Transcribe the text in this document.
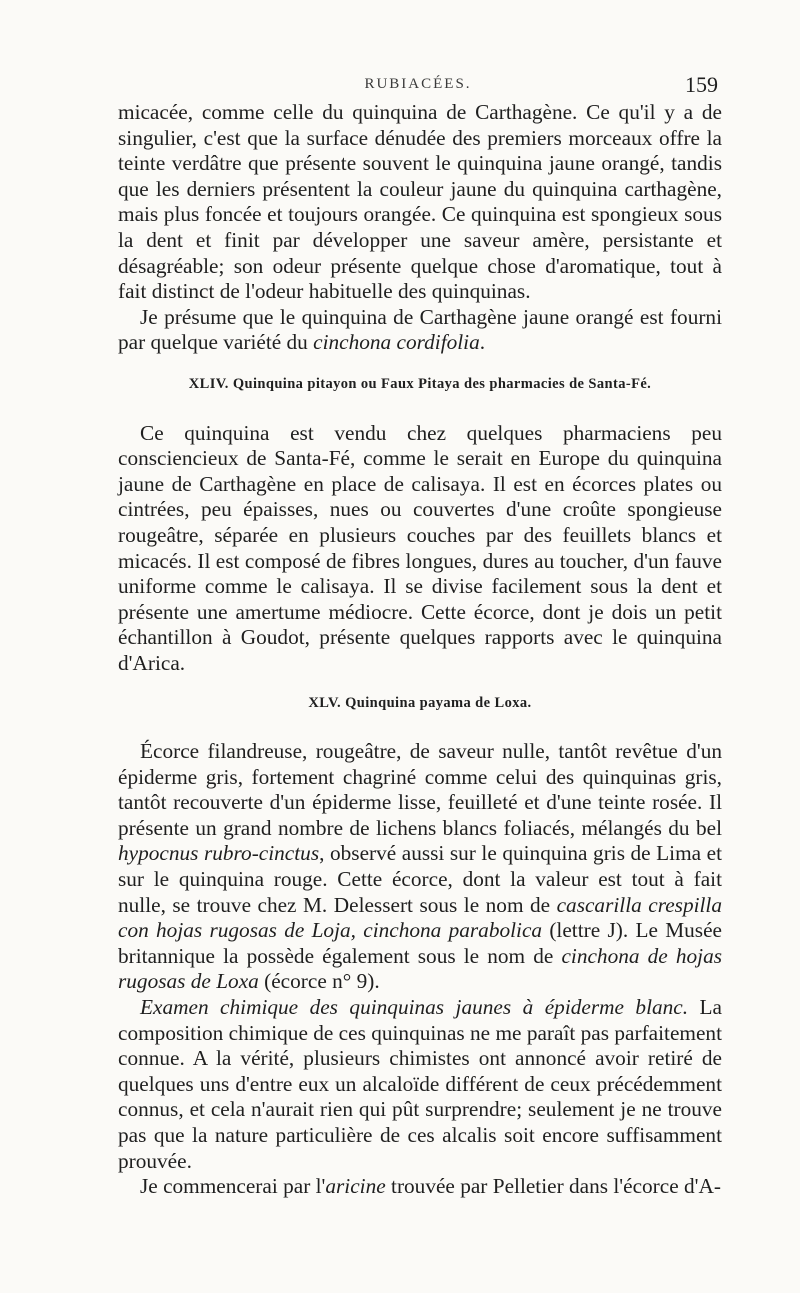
RUBIACÉES.	159

micacée, comme celle du quinquina de Carthagène. Ce qu'il y a de singulier, c'est que la surface dénudée des premiers morceaux offre la teinte verdâtre que présente souvent le quinquina jaune orangé, tandis que les derniers présentent la couleur jaune du quinquina carthagène, mais plus foncée et toujours orangée. Ce quinquina est spongieux sous la dent et finit par développer une saveur amère, persistante et désagréable; son odeur présente quelque chose d'aromatique, tout à fait distinct de l'odeur habituelle des quinquinas.

Je présume que le quinquina de Carthagène jaune orangé est fourni par quelque variété du cinchona cordifolia.

XLIV. Quinquina pitayon ou Faux Pitaya des pharmacies de Santa-Fé.

Ce quinquina est vendu chez quelques pharmaciens peu consciencieux de Santa-Fé, comme le serait en Europe du quinquina jaune de Carthagène en place de calisaya. Il est en écorces plates ou cintrées, peu épaisses, nues ou couvertes d'une croûte spongieuse rougeâtre, séparée en plusieurs couches par des feuillets blancs et micacés. Il est composé de fibres longues, dures au toucher, d'un fauve uniforme comme le calisaya. Il se divise facilement sous la dent et présente une amertume médiocre. Cette écorce, dont je dois un petit échantillon à Goudot, présente quelques rapports avec le quinquina d'Arica.

XLV. Quinquina payama de Loxa.

Écorce filandreuse, rougeâtre, de saveur nulle, tantôt revêtue d'un épiderme gris, fortement chagriné comme celui des quinquinas gris, tantôt recouverte d'un épiderme lisse, feuilleté et d'une teinte rosée. Il présente un grand nombre de lichens blancs foliacés, mélangés du bel hypocnus rubro-cinctus, observé aussi sur le quinquina gris de Lima et sur le quinquina rouge. Cette écorce, dont la valeur est tout à fait nulle, se trouve chez M. Delessert sous le nom de cascarilla crespilla con hojas rugosas de Loja, cinchona parabolica (lettre J). Le Musée britannique la possède également sous le nom de cinchona de hojas rugosas de Loxa (écorce n° 9).

Examen chimique des quinquinas jaunes à épiderme blanc. La composition chimique de ces quinquinas ne me paraît pas parfaitement connue. A la vérité, plusieurs chimistes ont annoncé avoir retiré de quelques uns d'entre eux un alcaloïde différent de ceux précédemment connus, et cela n'aurait rien qui pût surprendre; seulement je ne trouve pas que la nature particulière de ces alcalis soit encore suffisamment prouvée.

Je commencerai par l'aricine trouvée par Pelletier dans l'écorce d'A-
